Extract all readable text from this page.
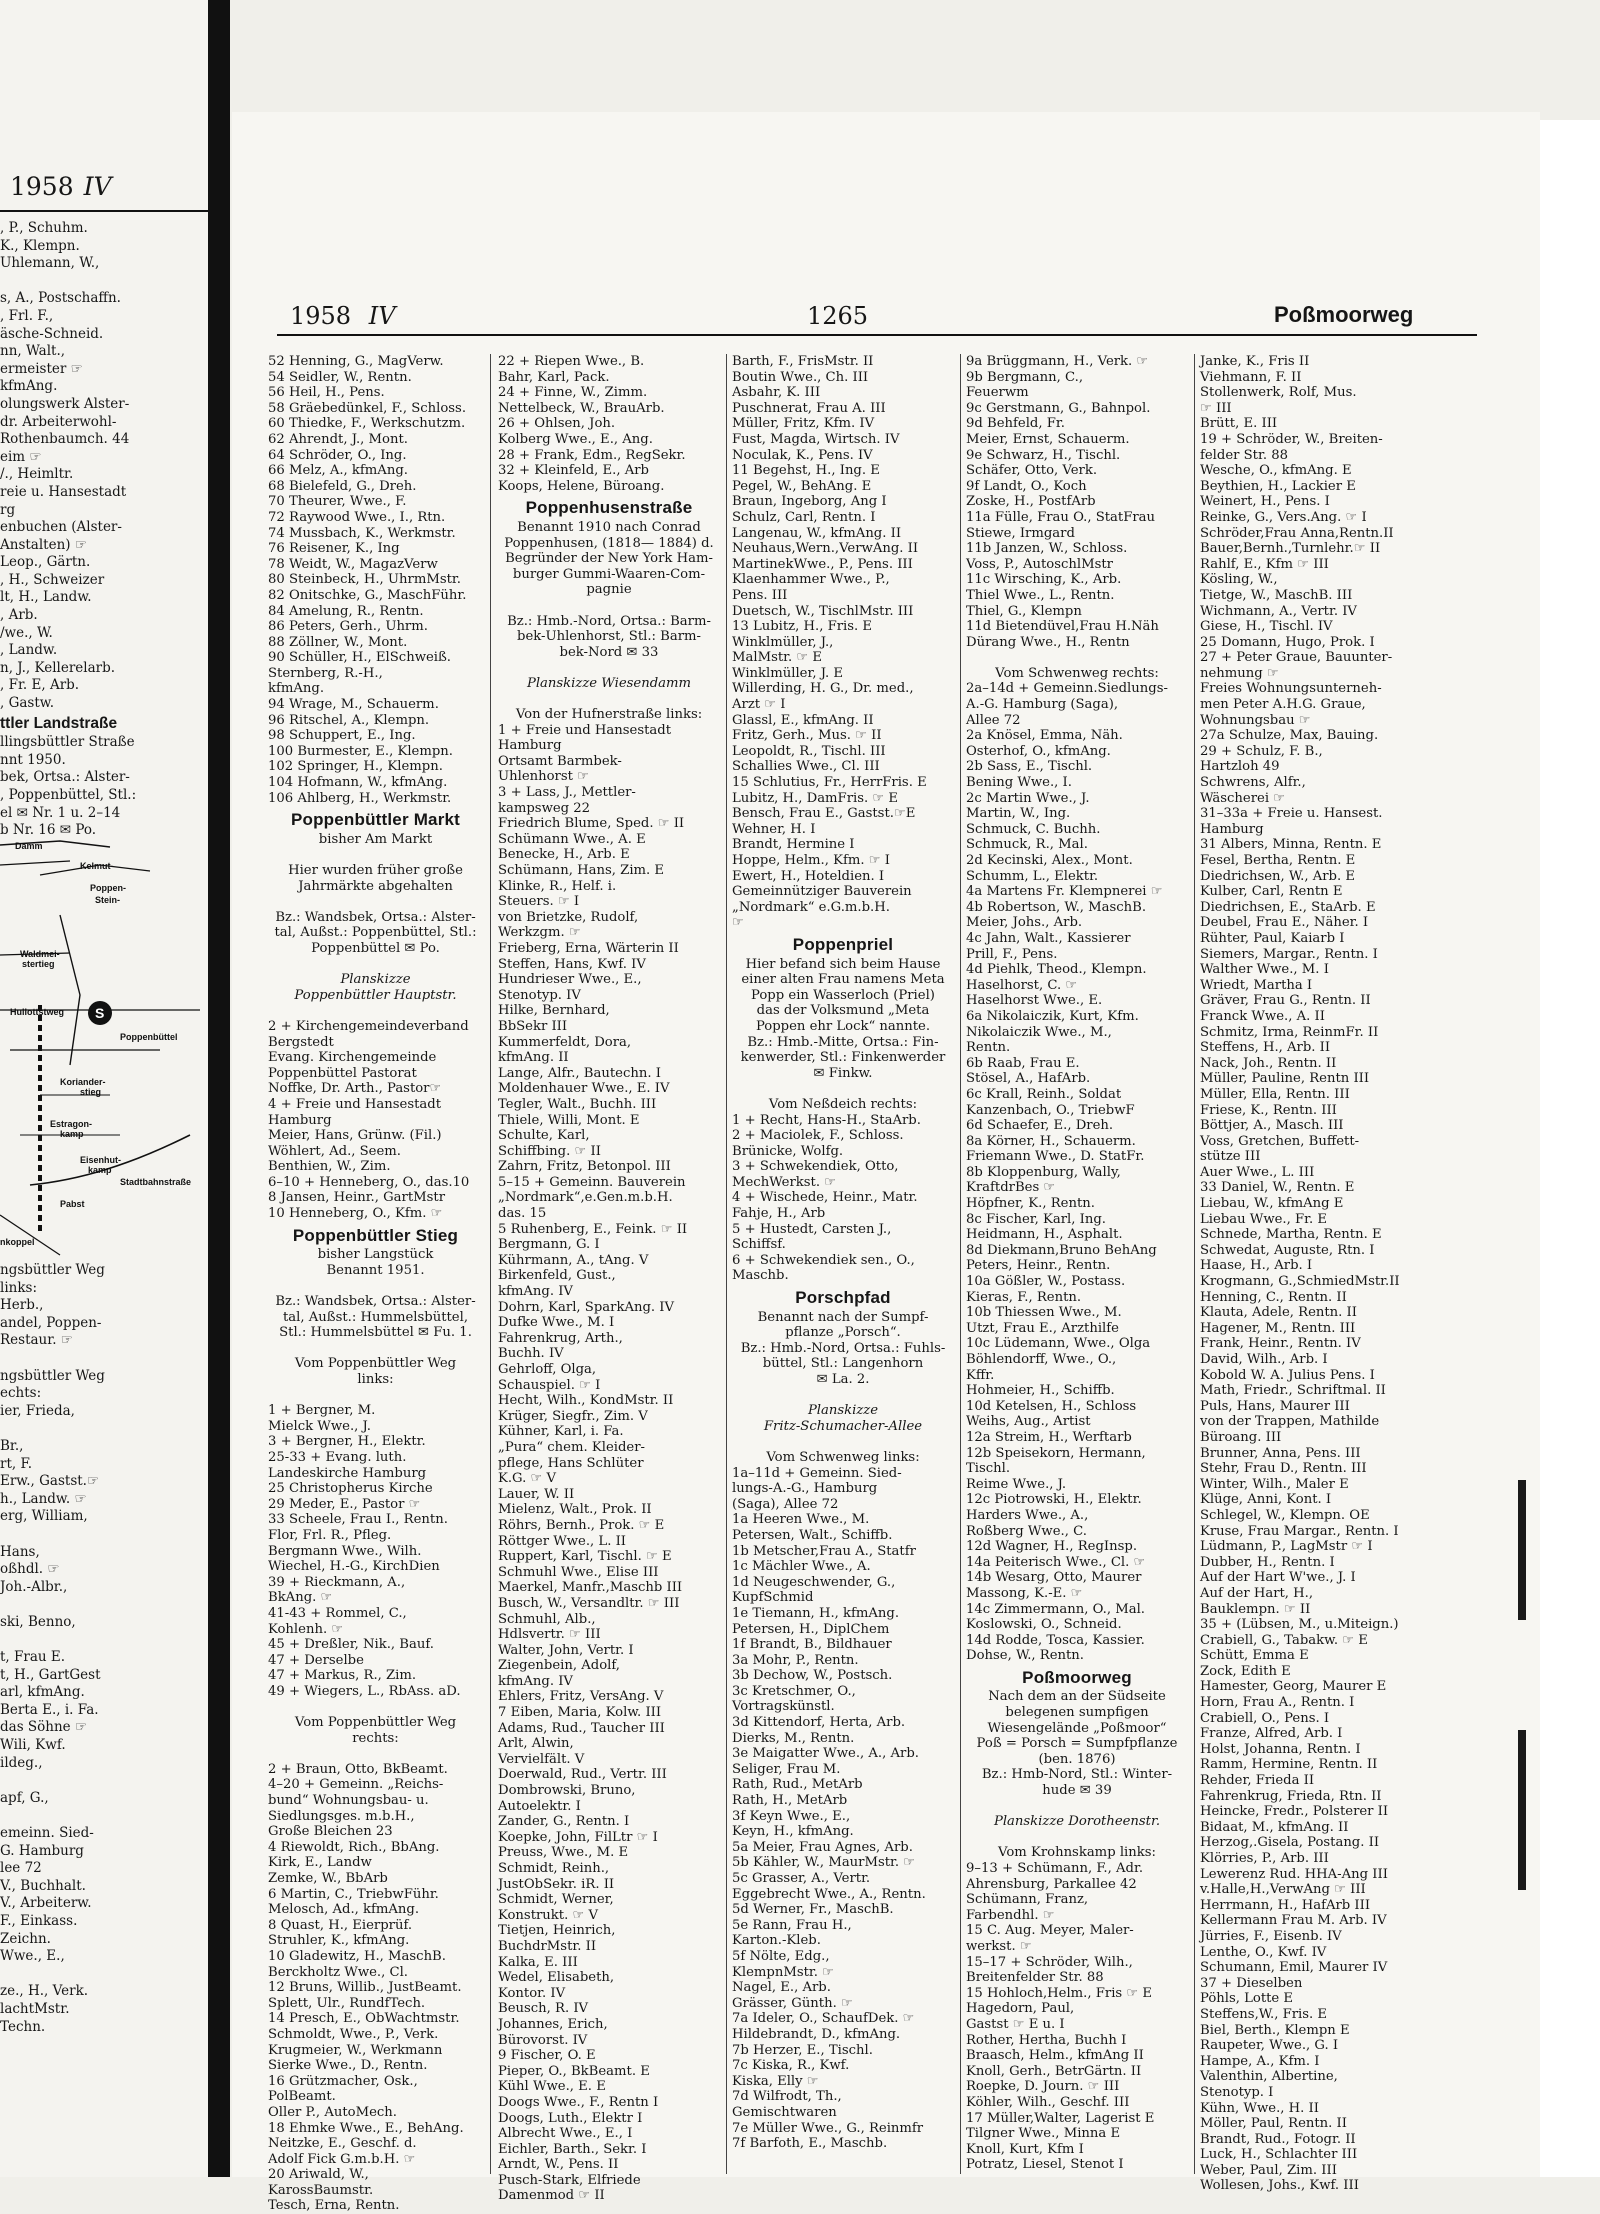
1958 IV
, P., Schuhm.
K., Klempn.
Uhlemann, W.,

s, A., Postschaffn.
, Frl. F.,
äsche-Schneid.
nn, Walt.,
ermeister ☞
kfmAng.
olungswerk Alster-
dr. Arbeiterwohl-
Rothenbaumch. 44
eim ☞
/., Heimltr.
reie u. Hansestadt
rg
enbuchen (Alster-
Anstalten) ☞
Leop., Gärtn.
, H., Schweizer
lt, H., Landw.
, Arb.
/we., W.
, Landw.
n, J., Kellerelarb.
, Fr. E, Arb.
, Gastw.
ttler Landstraße
llingsbüttler Straße
nnt 1950.
bek, Ortsa.: Alster-
, Poppenbüttel, Stl.:
el ✉ Nr. 1 u. 2–14
b Nr. 16 ✉ Po.
S
Damm
Kelmut-
Poppen-
Stein-
Waldmei-
stertieg
Hullottstweg
Poppenbüttel
Koriander-
stieg
Estragon-
kamp
Eisenhut-
kamp
Pabst
Stadtbahnstraße
nkoppel
ngsbüttler Weg
links:
Herb.,
andel, Poppen-
Restaur. ☞

ngsbüttler Weg
echts:
ier, Frieda,

Br.,
rt, F.
Erw., Gastst.☞
h., Landw. ☞
erg, William,

Hans,
oßhdl. ☞
Joh.-Albr.,

ski, Benno,

t, Frau E.
t, H., GartGest
arl, kfmAng.
Berta E., i. Fa.
das Söhne ☞
Wili, Kwf.
ildeg.,

apf, G.,

emeinn. Sied-
G. Hamburg
lee 72
V., Buchhalt.
V., Arbeiterw.
F., Einkass.
Zeichn.
Wwe., E.,

ze., H., Verk.
lachtMstr.
Techn.
1958 IV	1265	Poßmoorweg
52 Henning, G., MagVerw.
54 Seidler, W., Rentn.
56 Heil, H., Pens.
58 Gräebedünkel, F., Schloss.
60 Thiedke, F., Werkschutzm.
62 Ahrendt, J., Mont.
64 Schröder, O., Ing.
66 Melz, A., kfmAng.
68 Bielefeld, G., Dreh.
70 Theurer, Wwe., F.
72 Raywood Wwe., I., Rtn.
74 Mussbach, K., Werkmstr.
76 Reisener, K., Ing
78 Weidt, W., MagazVerw
80 Steinbeck, H., UhrmMstr.
82 Onitschke, G., MaschFühr.
84 Amelung, R., Rentn.
86 Peters, Gerh., Uhrm.
88 Zöllner, W., Mont.
90 Schüller, H., ElSchweiß.
Sternberg, R.-H.,
kfmAng.
94 Wrage, M., Schauerm.
96 Ritschel, A., Klempn.
98 Schuppert, E., Ing.
100 Burmester, E., Klempn.
102 Springer, H., Klempn.
104 Hofmann, W., kfmAng.
106 Ahlberg, H., Werkmstr.
Poppenbüttler Markt
bisher Am Markt

Hier wurden früher große
Jahrmärkte abgehalten

Bz.: Wandsbek, Ortsa.: Alster-
tal, Außst.: Poppenbüttel, Stl.:
Poppenbüttel ✉ Po.

Planskizze
Poppenbüttler Hauptstr.

2 + Kirchengemeindeverband
Bergstedt
Evang. Kirchengemeinde
Poppenbüttel Pastorat
Noffke, Dr. Arth., Pastor☞
4 + Freie und Hansestadt
Hamburg
Meier, Hans, Grünw. (Fil.)
Wöhlert, Ad., Seem.
Benthien, W., Zim.
6–10 + Henneberg, O., das.10
8 Jansen, Heinr., GartMstr
10 Henneberg, O., Kfm. ☞
Poppenbüttler Stieg
bisher Langstück
Benannt 1951.

Bz.: Wandsbek, Ortsa.: Alster-
tal, Außst.: Hummelsbüttel,
Stl.: Hummelsbüttel ✉ Fu. 1.

Vom Poppenbüttler Weg
links:

1 + Bergner, M.
Mielck Wwe., J.
3 + Bergner, H., Elektr.
25-33 + Evang. luth.
Landeskirche Hamburg
25 Christopherus Kirche
29 Meder, E., Pastor ☞
33 Scheele, Frau I., Rentn.
Flor, Frl. R., Pfleg.
Bergmann Wwe., Wilh.
Wiechel, H.-G., KirchDien
39 + Rieckmann, A.,
BkAng. ☞
41-43 + Rommel, C.,
Kohlenh. ☞
45 + Dreßler, Nik., Bauf.
47 + Derselbe
47 + Markus, R., Zim.
49 + Wiegers, L., RbAss. aD.

Vom Poppenbüttler Weg
rechts:

2 + Braun, Otto, BkBeamt.
4–20 + Gemeinn. „Reichs-
bund“ Wohnungsbau- u.
Siedlungsges. m.b.H.,
Große Bleichen 23
4 Riewoldt, Rich., BbAng.
Kirk, E., Landw
Zemke, W., BbArb
6 Martin, C., TriebwFühr.
Melosch, Ad., kfmAng.
8 Quast, H., Eierprüf.
Struhler, K., kfmAng.
10 Gladewitz, H., MaschB.
Berckholtz Wwe., Cl.
12 Bruns, Willib., JustBeamt.
Splett, Ulr., RundfTech.
14 Presch, E., ObWachtmstr.
Schmoldt, Wwe., P., Verk.
Krugmeier, W., Werkmann
Sierke Wwe., D., Rentn.
16 Grützmacher, Osk.,
PolBeamt.
Oller P., AutoMech.
18 Ehmke Wwe., E., BehAng.
Neitzke, E., Geschf. d.
Adolf Fick G.m.b.H. ☞
20 Ariwald, W.,
KarossBaumstr.
Tesch, Erna, Rentn.
22 + Riepen Wwe., B.
Bahr, Karl, Pack.
24 + Finne, W., Zimm.
Nettelbeck, W., BrauArb.
26 + Ohlsen, Joh.
Kolberg Wwe., E., Ang.
28 + Frank, Edm., RegSekr.
32 + Kleinfeld, E., Arb
Koops, Helene, Büroang.
Poppenhusenstraße
Benannt 1910 nach Conrad
Poppenhusen, (1818— 1884) d.
Begründer der New York Ham-
burger Gummi-Waaren-Com-
pagnie

Bz.: Hmb.-Nord, Ortsa.: Barm-
bek-Uhlenhorst, Stl.: Barm-
bek-Nord ✉ 33

Planskizze Wiesendamm

Von der Hufnerstraße links:
1 + Freie und Hansestadt
Hamburg
Ortsamt Barmbek-
Uhlenhorst ☞
3 + Lass, J., Mettler-
kampsweg 22
Friedrich Blume, Sped. ☞ II
Schümann Wwe., A. E
Benecke, H., Arb. E
Schümann, Hans, Zim. E
Klinke, R., Helf. i.
Steuers. ☞ I
von Brietzke, Rudolf,
Werkzgm. ☞
Frieberg, Erna, Wärterin II
Steffen, Hans, Kwf. IV
Hundrieser Wwe., E.,
Stenotyp. IV
Hilke, Bernhard,
BbSekr III
Kummerfeldt, Dora,
kfmAng. II
Lange, Alfr., Bautechn. I
Moldenhauer Wwe., E. IV
Tegler, Walt., Buchh. III
Thiele, Willi, Mont. E
Schulte, Karl,
Schiffbing. ☞ II
Zahrn, Fritz, Betonpol. III
5–15 + Gemeinn. Bauverein
„Nordmark“,e.Gen.m.b.H.
das. 15
5 Ruhenberg, E., Feink. ☞ II
Bergmann, G. I
Kührmann, A., tAng. V
Birkenfeld, Gust.,
kfmAng. IV
Dohrn, Karl, SparkAng. IV
Dufke Wwe., M. I
Fahrenkrug, Arth.,
Buchh. IV
Gehrloff, Olga,
Schauspiel. ☞ I
Hecht, Wilh., KondMstr. II
Krüger, Siegfr., Zim. V
Kühner, Karl, i. Fa.
„Pura“ chem. Kleider-
pflege, Hans Schlüter
K.G. ☞ V
Lauer, W. II
Mielenz, Walt., Prok. II
Röhrs, Bernh., Prok. ☞ E
Röttger Wwe., L. II
Ruppert, Karl, Tischl. ☞ E
Schmuhl Wwe., Elise III
Maerkel, Manfr.,Maschb III
Busch, W., Versandltr. ☞ III
Schmuhl, Alb.,
Hdlsvertr. ☞ III
Walter, John, Vertr. I
Ziegenbein, Adolf,
kfmAng. IV
Ehlers, Fritz, VersAng. V
7 Eiben, Maria, Kolw. III
Adams, Rud., Taucher III
Arlt, Alwin,
Vervielfält. V
Doerwald, Rud., Vertr. III
Dombrowski, Bruno,
Autoelektr. I
Zander, G., Rentn. I
Koepke, John, FilLtr ☞ I
Preuss, Wwe., M. E
Schmidt, Reinh.,
JustObSekr. iR. II
Schmidt, Werner,
Konstrukt. ☞ V
Tietjen, Heinrich,
BuchdrMstr. II
Kalka, E. III
Wedel, Elisabeth,
Kontor. IV
Beusch, R. IV
Johannes, Erich,
Bürovorst. IV
9 Fischer, O. E
Pieper, O., BkBeamt. E
Kühl Wwe., E. E
Doogs Wwe., F., Rentn I
Doogs, Luth., Elektr I
Albrecht Wwe., E., I
Eichler, Barth., Sekr. I
Arndt, W., Pens. II
Pusch-Stark, Elfriede
Damenmod ☞ II
Barth, F., FrisMstr. II
Boutin Wwe., Ch. III
Asbahr, K. III
Puschnerat, Frau A. III
Müller, Fritz, Kfm. IV
Fust, Magda, Wirtsch. IV
Noculak, K., Pens. IV
11 Begehst, H., Ing. E
Pegel, W., BehAng. E
Braun, Ingeborg, Ang I
Schulz, Carl, Rentn. I
Langenau, W., kfmAng. II
Neuhaus,Wern.,VerwAng. II
MartinekWwe., P., Pens. III
Klaenhammer Wwe., P.,
Pens. III
Duetsch, W., TischlMstr. III
13 Lubitz, H., Fris. E
Winklmüller, J.,
MalMstr. ☞ E
Winklmüller, J. E
Willerding, H. G., Dr. med.,
Arzt ☞ I
Glassl, E., kfmAng. II
Fritz, Gerh., Mus. ☞ II
Leopoldt, R., Tischl. III
Schallies Wwe., Cl. III
15 Schlutius, Fr., HerrFris. E
Lubitz, H., DamFris. ☞ E
Bensch, Frau E., Gastst.☞E
Wehner, H. I
Brandt, Hermine I
Hoppe, Helm., Kfm. ☞ I
Ewert, H., Hoteldien. I
Gemeinnütziger Bauverein
„Nordmark“ e.G.m.b.H.
☞
Poppenpriel
Hier befand sich beim Hause
einer alten Frau namens Meta
Popp ein Wasserloch (Priel)
das der Volksmund „Meta
Poppen ehr Lock“ nannte.
Bz.: Hmb.-Mitte, Ortsa.: Fin-
kenwerder, Stl.: Finkenwerder
✉ Finkw.

Vom Neßdeich rechts:
1 + Recht, Hans-H., StaArb.
2 + Maciolek, F., Schloss.
Brünicke, Wolfg.
3 + Schwekendiek, Otto,
MechWerkst. ☞
4 + Wischede, Heinr., Matr.
Fahje, H., Arb
5 + Hustedt, Carsten J.,
Schiffsf.
6 + Schwekendiek sen., O.,
Maschb.
Porschpfad
Benannt nach der Sumpf-
pflanze „Porsch“.
Bz.: Hmb.-Nord, Ortsa.: Fuhls-
büttel, Stl.: Langenhorn
✉ La. 2.

Planskizze
Fritz-Schumacher-Allee

Vom Schwenweg links:
1a–11d + Gemeinn. Sied-
lungs-A.-G., Hamburg
(Saga), Allee 72
1a Heeren Wwe., M.
Petersen, Walt., Schiffb.
1b Metscher,Frau A., Statfr
1c Mächler Wwe., A.
1d Neugeschwender, G.,
KupfSchmid
1e Tiemann, H., kfmAng.
Petersen, H., DiplChem
1f Brandt, B., Bildhauer
3a Mohr, P., Rentn.
3b Dechow, W., Postsch.
3c Kretschmer, O.,
Vortragskünstl.
3d Kittendorf, Herta, Arb.
Dierks, M., Rentn.
3e Maigatter Wwe., A., Arb.
Seliger, Frau M.
Rath, Rud., MetArb
Rath, H., MetArb
3f Keyn Wwe., E.,
Keyn, H., kfmAng.
5a Meier, Frau Agnes, Arb.
5b Kähler, W., MaurMstr. ☞
5c Grasser, A., Vertr.
Eggebrecht Wwe., A., Rentn.
5d Werner, Fr., MaschB.
5e Rann, Frau H.,
Karton.-Kleb.
5f Nölte, Edg.,
KlempnMstr. ☞
Nagel, E., Arb.
Grässer, Günth. ☞
7a Ideler, O., SchaufDek. ☞
Hildebrandt, D., kfmAng.
7b Herzer, E., Tischl.
7c Kiska, R., Kwf.
Kiska, Elly ☞
7d Wilfrodt, Th.,
Gemischtwaren
7e Müller Wwe., G., Reinmfr
7f Barfoth, E., Maschb.
9a Brüggmann, H., Verk. ☞
9b Bergmann, C.,
Feuerwm
9c Gerstmann, G., Bahnpol.
9d Behfeld, Fr.
Meier, Ernst, Schauerm.
9e Schwarz, H., Tischl.
Schäfer, Otto, Verk.
9f Landt, O., Koch
Zoske, H., PostfArb
11a Fülle, Frau O., StatFrau
Stiewe, Irmgard
11b Janzen, W., Schloss.
Voss, P., AutoschlMstr
11c Wirsching, K., Arb.
Thiel Wwe., L., Rentn.
Thiel, G., Klempn
11d Bietendüvel,Frau H.Näh
Dürang Wwe., H., Rentn

Vom Schwenweg rechts:
2a–14d + Gemeinn.Siedlungs-
A.-G. Hamburg (Saga),
Allee 72
2a Knösel, Emma, Näh.
Osterhof, O., kfmAng.
2b Sass, E., Tischl.
Bening Wwe., I.
2c Martin Wwe., J.
Martin, W., Ing.
Schmuck, C. Buchh.
Schmuck, R., Mal.
2d Kecinski, Alex., Mont.
Schumm, L., Elektr.
4a Martens Fr. Klempnerei ☞
4b Robertson, W., MaschB.
Meier, Johs., Arb.
4c Jahn, Walt., Kassierer
Prill, F., Pens.
4d Piehlk, Theod., Klempn.
Haselhorst, C. ☞
Haselhorst Wwe., E.
6a Nikolaiczik, Kurt, Kfm.
Nikolaiczik Wwe., M.,
Rentn.
6b Raab, Frau E.
Stösel, A., HafArb.
6c Krall, Reinh., Soldat
Kanzenbach, O., TriebwF
6d Schaefer, E., Dreh.
8a Körner, H., Schauerm.
Friemann Wwe., D. StatFr.
8b Kloppenburg, Wally,
KraftdrBes ☞
Höpfner, K., Rentn.
8c Fischer, Karl, Ing.
Heidmann, H., Asphalt.
8d Diekmann,Bruno BehAng
Peters, Heinr., Rentn.
10a Gößler, W., Postass.
Kieras, F., Rentn.
10b Thiessen Wwe., M.
Utzt, Frau E., Arzthilfe
10c Lüdemann, Wwe., Olga
Böhlendorff, Wwe., O.,
Kffr.
Hohmeier, H., Schiffb.
10d Ketelsen, H., Schloss
Weihs, Aug., Artist
12a Streim, H., Werftarb
12b Speisekorn, Hermann,
Tischl.
Reime Wwe., J.
12c Piotrowski, H., Elektr.
Harders Wwe., A.,
Roßberg Wwe., C.
12d Wagner, H., RegInsp.
14a Peiterisch Wwe., Cl. ☞
14b Wesarg, Otto, Maurer
Massong, K.-E. ☞
14c Zimmermann, O., Mal.
Koslowski, O., Schneid.
14d Rodde, Tosca, Kassier.
Dohse, W., Rentn.
Poßmoorweg
Nach dem an der Südseite
belegenen sumpfigen
Wiesengelände „Poßmoor“
Poß = Porsch = Sumpfpflanze
(ben. 1876)
Bz.: Hmb-Nord, Stl.: Winter-
hude ✉ 39

Planskizze Dorotheenstr.

Vom Krohnskamp links:
9–13 + Schümann, F., Adr.
Ahrensburg, Parkallee 42
Schümann, Franz,
Farbendhl. ☞
15 C. Aug. Meyer, Maler-
werkst. ☞
15–17 + Schröder, Wilh.,
Breitenfelder Str. 88
15 Hohloch,Helm., Fris ☞ E
Hagedorn, Paul,
Gastst ☞ E u. I
Rother, Hertha, Buchh I
Braasch, Helm., kfmAng II
Knoll, Gerh., BetrGärtn. II
Roepke, D. Journ. ☞ III
Köhler, Wilh., Geschf. III
17 Müller,Walter, Lagerist E
Tilgner Wwe., Minna E
Knoll, Kurt, Kfm I
Potratz, Liesel, Stenot I
Janke, K., Fris II
Viehmann, F. II
Stollenwerk, Rolf, Mus.
☞ III
Brütt, E. III
19 + Schröder, W., Breiten-
felder Str. 88
Wesche, O., kfmAng. E
Beythien, H., Lackier E
Weinert, H., Pens. I
Reinke, G., Vers.Ang. ☞ I
Schröder,Frau Anna,Rentn.II
Bauer,Bernh.,Turnlehr.☞ II
Rahlf, E., Kfm ☞ III
Kösling, W.,
Tietge, W., MaschB. III
Wichmann, A., Vertr. IV
Giese, H., Tischl. IV
25 Domann, Hugo, Prok. I
27 + Peter Graue, Bauunter-
nehmung ☞
Freies Wohnungsunterneh-
men Peter A.H.G. Graue,
Wohnungsbau ☞
27a Schulze, Max, Bauing.
29 + Schulz, F. B.,
Hartzloh 49
Schwrens, Alfr.,
Wäscherei ☞
31–33a + Freie u. Hansest.
Hamburg
31 Albers, Minna, Rentn. E
Fesel, Bertha, Rentn. E
Diedrichsen, W., Arb. E
Kulber, Carl, Rentn E
Diedrichsen, E., StaArb. E
Deubel, Frau E., Näher. I
Rühter, Paul, Kaiarb I
Siemers, Margar., Rentn. I
Walther Wwe., M. I
Wriedt, Martha I
Gräver, Frau G., Rentn. II
Franck Wwe., A. II
Schmitz, Irma, ReinmFr. II
Steffens, H., Arb. II
Nack, Joh., Rentn. II
Müller, Pauline, Rentn III
Müller, Ella, Rentn. III
Friese, K., Rentn. III
Böttjer, A., Masch. III
Voss, Gretchen, Buffett-
stütze III
Auer Wwe., L. III
33 Daniel, W., Rentn. E
Liebau, W., kfmAng E
Liebau Wwe., Fr. E
Schnede, Martha, Rentn. E
Schwedat, Auguste, Rtn. I
Haase, H., Arb. I
Krogmann, G.,SchmiedMstr.II
Henning, C., Rentn. II
Klauta, Adele, Rentn. II
Hagener, M., Rentn. III
Frank, Heinr., Rentn. IV
David, Wilh., Arb. I
Kobold W. A. Julius Pens. I
Math, Friedr., Schriftmal. II
Puls, Hans, Maurer III
von der Trappen, Mathilde
Büroang. III
Brunner, Anna, Pens. III
Stehr, Frau D., Rentn. III
Winter, Wilh., Maler E
Klüge, Anni, Kont. I
Schlegel, W., Klempn. OE
Kruse, Frau Margar., Rentn. I
Lüdmann, P., LagMstr ☞ I
Dubber, H., Rentn. I
Auf der Hart W'we., J. I
Auf der Hart, H.,
Bauklempn. ☞ II
35 + (Lübsen, M., u.Miteign.)
Crabiell, G., Tabakw. ☞ E
Schütt, Emma E
Zock, Edith E
Hamester, Georg, Maurer E
Horn, Frau A., Rentn. I
Crabiell, O., Pens. I
Franze, Alfred, Arb. I
Holst, Johanna, Rentn. I
Ramm, Hermine, Rentn. II
Rehder, Frieda II
Fahrenkrug, Frieda, Rtn. II
Heincke, Fredr., Polsterer II
Bidaat, M., kfmAng. II
Herzog,.Gisela, Postang. II
Klörries, P., Arb. III
Lewerenz Rud. HHA-Ang III
v.Halle,H.,VerwAng ☞ III
Herrmann, H., HafArb III
Kellermann Frau M. Arb. IV
Jürries, F., Eisenb. IV
Lenthe, O., Kwf. IV
Schumann, Emil, Maurer IV
37 + Dieselben
Pöhls, Lotte E
Steffens,W., Fris. E
Biel, Berth., Klempn E
Raupeter, Wwe., G. I
Hampe, A., Kfm. I
Valenthin, Albertine,
Stenotyp. I
Kühn, Wwe., H. II
Möller, Paul, Rentn. II
Brandt, Rud., Fotogr. II
Luck, H., Schlachter III
Weber, Paul, Zim. III
Wollesen, Johs., Kwf. III
